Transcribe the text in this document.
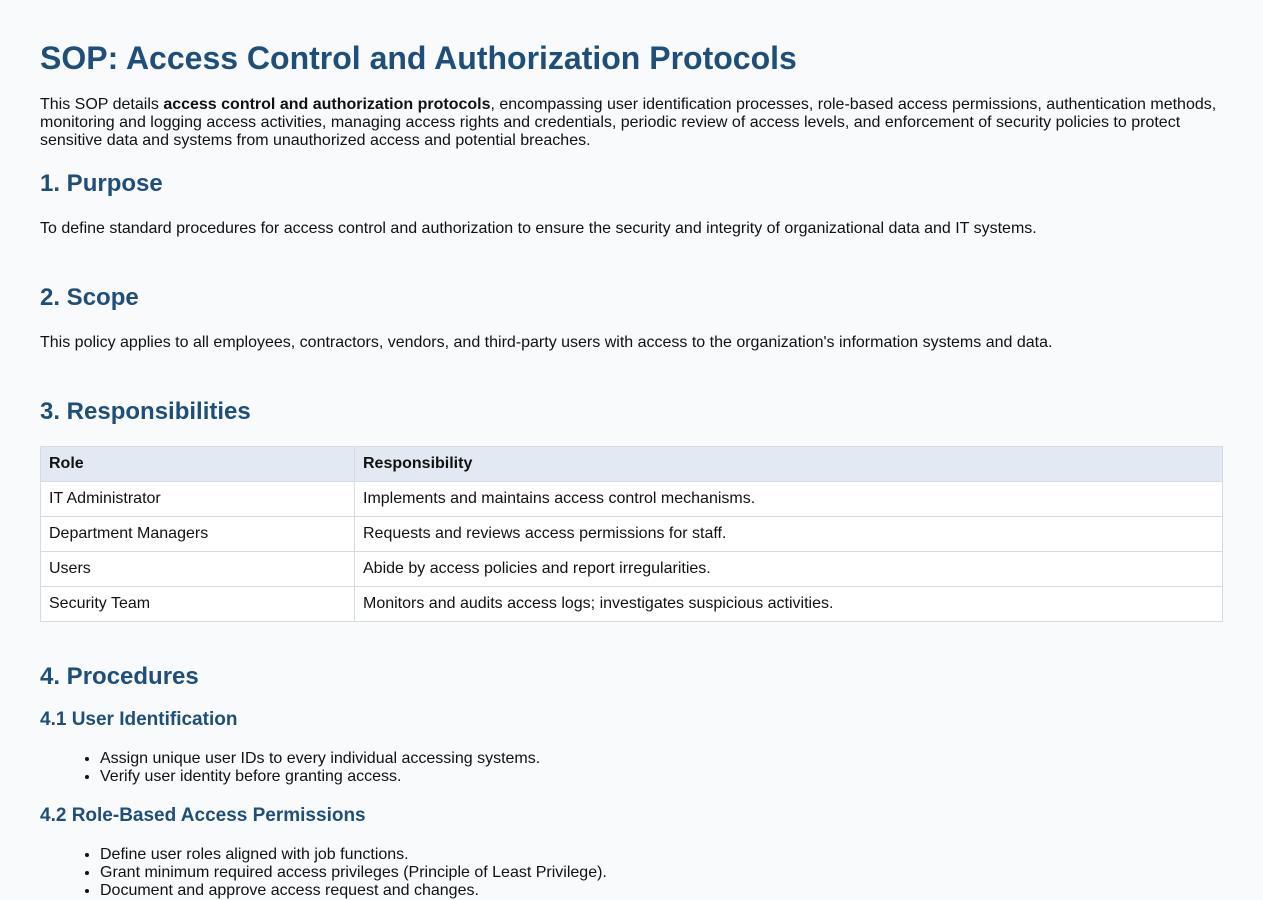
SOP: Access Control and Authorization Protocols

This SOP details access control and authorization protocols, encompassing user identification processes, role-based access permissions, authentication methods, monitoring and logging access activities, managing access rights and credentials, periodic review of access levels, and enforcement of security policies to protect sensitive data and systems from unauthorized access and potential breaches.

1. Purpose

To define standard procedures for access control and authorization to ensure the security and integrity of organizational data and IT systems.

2. Scope

This policy applies to all employees, contractors, vendors, and third-party users with access to the organization's information systems and data.

3. Responsibilities
Role	Responsibility
IT Administrator	Implements and maintains access control mechanisms.
Department Managers	Requests and reviews access permissions for staff.
Users	Abide by access policies and report irregularities.
Security Team	Monitors and audits access logs; investigates suspicious activities.
4. Procedures
4.1 User Identification
• Assign unique user IDs to every individual accessing systems.
• Verify user identity before granting access.
4.2 Role-Based Access Permissions
• Define user roles aligned with job functions.
• Grant minimum required access privileges (Principle of Least Privilege).
• Document and approve access request and changes.
